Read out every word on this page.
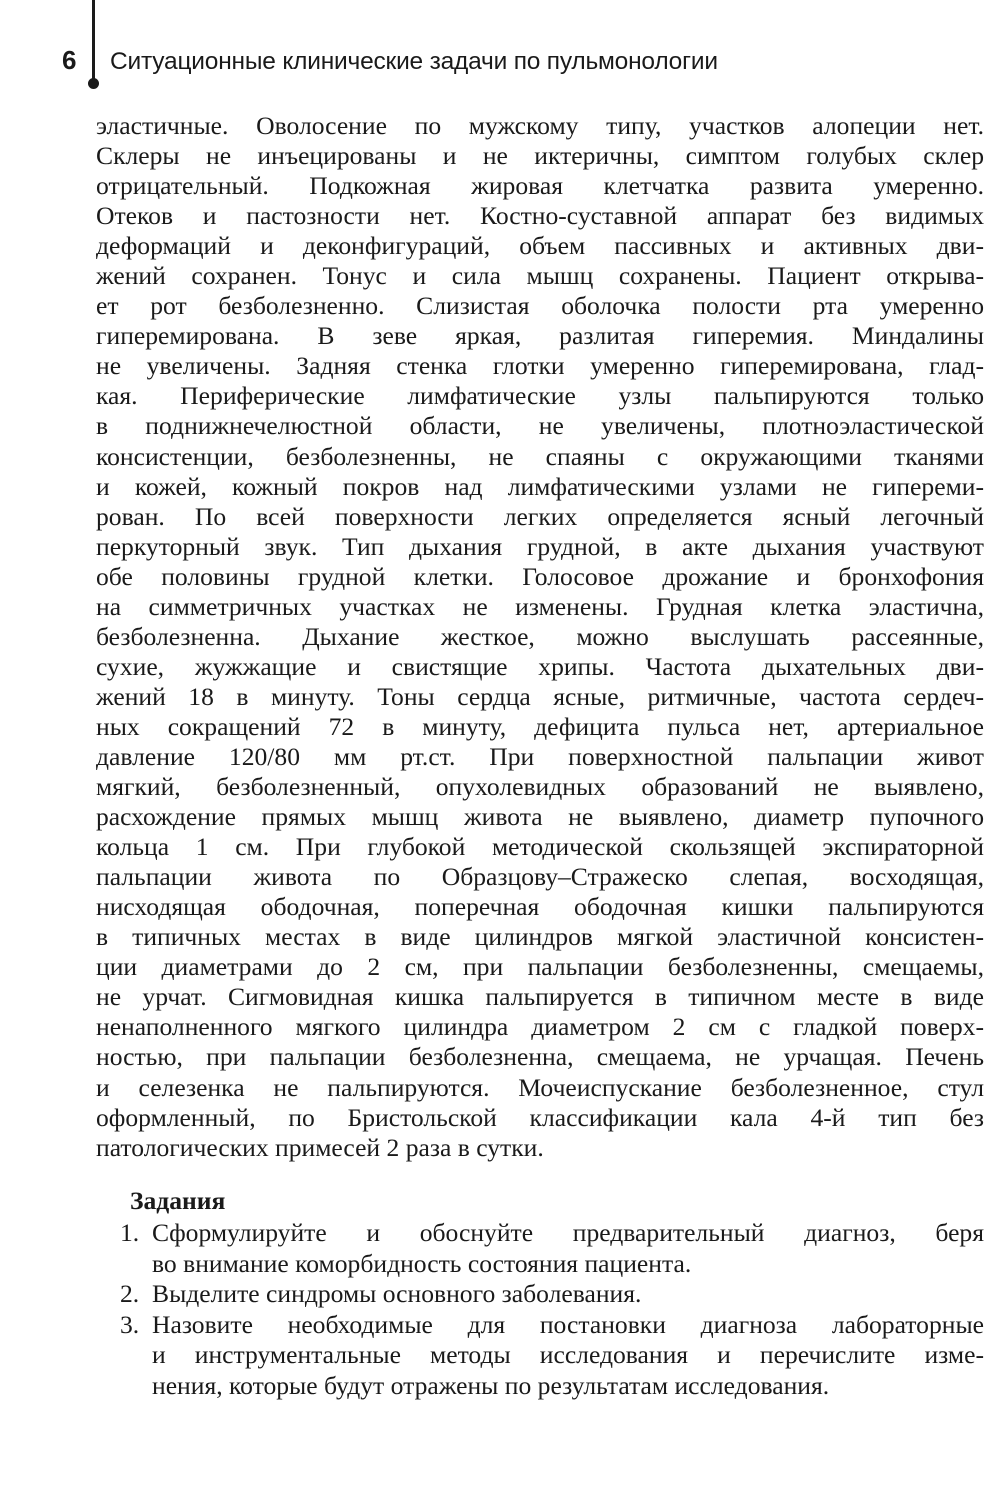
6 Ситуационные клинические задачи по пульмонологии
эластичные. Оволосение по мужскому типу, участков алопеции нет.
Склеры не инъецированы и не иктеричны, симптом голубых склер
отрицательный. Подкожная жировая клетчатка развита умеренно.
Отеков и пастозности нет. Костно-суставной аппарат без видимых
деформаций и деконфигураций, объем пассивных и активных дви-
жений сохранен. Тонус и сила мышц сохранены. Пациент открыва-
ет рот безболезненно. Слизистая оболочка полости рта умеренно
гиперемирована. В зеве яркая, разлитая гиперемия. Миндалины
не увеличены. Задняя стенка глотки умеренно гиперемирована, глад-
кая. Периферические лимфатические узлы пальпируются только
в поднижнечелюстной области, не увеличены, плотноэластической
консистенции, безболезненны, не спаяны с окружающими тканями
и кожей, кожный покров над лимфатическими узлами не гипереми-
рован. По всей поверхности легких определяется ясный легочный
перкуторный звук. Тип дыхания грудной, в акте дыхания участвуют
обе половины грудной клетки. Голосовое дрожание и бронхофония
на симметричных участках не изменены. Грудная клетка эластична,
безболезненна. Дыхание жесткое, можно выслушать рассеянные,
сухие, жужжащие и свистящие хрипы. Частота дыхательных дви-
жений 18 в минуту. Тоны сердца ясные, ритмичные, частота сердеч-
ных сокращений 72 в минуту, дефицита пульса нет, артериальное
давление 120/80 мм рт.ст. При поверхностной пальпации живот
мягкий, безболезненный, опухолевидных образований не выявлено,
расхождение прямых мышц живота не выявлено, диаметр пупочного
кольца 1 см. При глубокой методической скользящей экспираторной
пальпации живота по Образцову–Стражеско слепая, восходящая,
нисходящая ободочная, поперечная ободочная кишки пальпируются
в типичных местах в виде цилиндров мягкой эластичной консистен-
ции диаметрами до 2 см, при пальпации безболезненны, смещаемы,
не урчат. Сигмовидная кишка пальпируется в типичном месте в виде
ненаполненного мягкого цилиндра диаметром 2 см с гладкой поверх-
ностью, при пальпации безболезненна, смещаема, не урчащая. Печень
и селезенка не пальпируются. Мочеиспускание безболезненное, стул
оформленный, по Бристольской классификации кала 4-й тип без
патологических примесей 2 раза в сутки.
Задания
1. Сформулируйте и обоснуйте предварительный диагноз, беря
во внимание коморбидность состояния пациента.
2. Выделите синдромы основного заболевания.
3. Назовите необходимые для постановки диагноза лабораторные
и инструментальные методы исследования и перечислите изме-
нения, которые будут отражены по результатам исследования.
